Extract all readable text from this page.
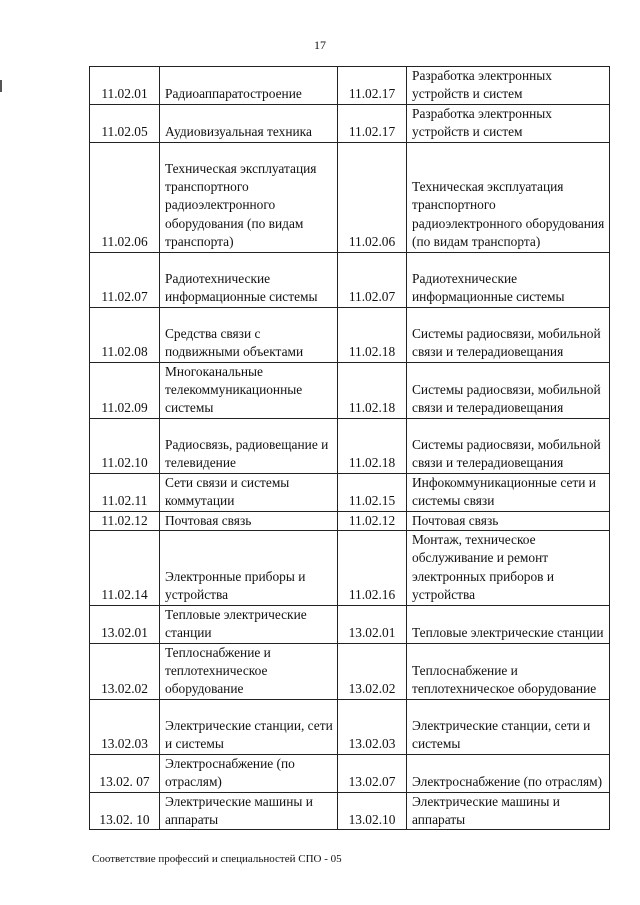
17
11.02.01	Радиоаппаратостроение	11.02.17	Разработка электронных устройств и систем
11.02.05	Аудиовизуальная техника	11.02.17	Разработка электронных устройств и систем
11.02.06	Техническая эксплуатация транспортного радиоэлектронного оборудования (по видам транспорта)	11.02.06	Техническая эксплуатация транспортного радиоэлектронного оборудования (по видам транспорта)
11.02.07	Радиотехнические информационные системы	11.02.07	Радиотехнические информационные системы
11.02.08	Средства связи с подвижными объектами	11.02.18	Системы радиосвязи, мобильной связи и телерадиовещания
11.02.09	Многоканальные телекоммуникационные системы	11.02.18	Системы радиосвязи, мобильной связи и телерадиовещания
11.02.10	Радиосвязь, радиовещание и телевидение	11.02.18	Системы радиосвязи, мобильной связи и телерадиовещания
11.02.11	Сети связи и системы коммутации	11.02.15	Инфокоммуникационные сети и системы связи
11.02.12	Почтовая связь	11.02.12	Почтовая связь
11.02.14	Электронные приборы и устройства	11.02.16	Монтаж, техническое обслуживание и ремонт электронных приборов и устройства
13.02.01	Тепловые электрические станции	13.02.01	Тепловые электрические станции
13.02.02	Теплоснабжение и теплотехническое оборудование	13.02.02	Теплоснабжение и теплотехническое оборудование
13.02.03	Электрические станции, сети и системы	13.02.03	Электрические станции, сети и системы
13.02. 07	Электроснабжение (по отраслям)	13.02.07	Электроснабжение (по отраслям)
13.02. 10	Электрические машины и аппараты	13.02.10	Электрические машины и аппараты
Соответствие профессий и специальностей СПО - 05
